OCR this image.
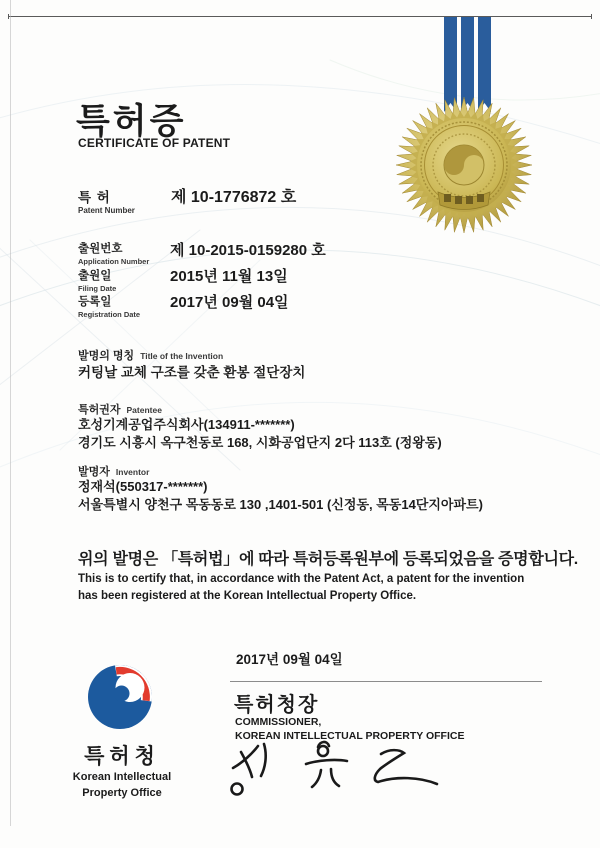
특허증
CERTIFICATE OF PATENT
특 허
Patent Number
제 10-1776872 호
출원번호
Application Number
제 10-2015-0159280 호
출원일
Filing Date
2015년 11월 13일
등록일
Registration Date
2017년 09월 04일
발명의 명칭 Title of the Invention
커팅날 교체 구조를 갖춘 환봉 절단장치
특허권자 Patentee
호성기계공업주식회사(134911-*******)
경기도 시흥시 옥구천동로 168, 시화공업단지 2다 113호 (정왕동)
발명자 Inventor
정재석(550317-*******)
서울특별시 양천구 목동동로 130 ,1401-501 (신정동, 목동14단지아파트)
위의 발명은 「특허법」에 따라 특허등록원부에 등록되었음을 증명합니다.
This is to certify that, in accordance with the Patent Act, a patent for the invention
has been registered at the Korean Intellectual Property Office.
2017년 09월 04일
특허청장
COMMISSIONER,
KOREAN INTELLECTUAL PROPERTY OFFICE
특허청
Korean Intellectual
Property Office
